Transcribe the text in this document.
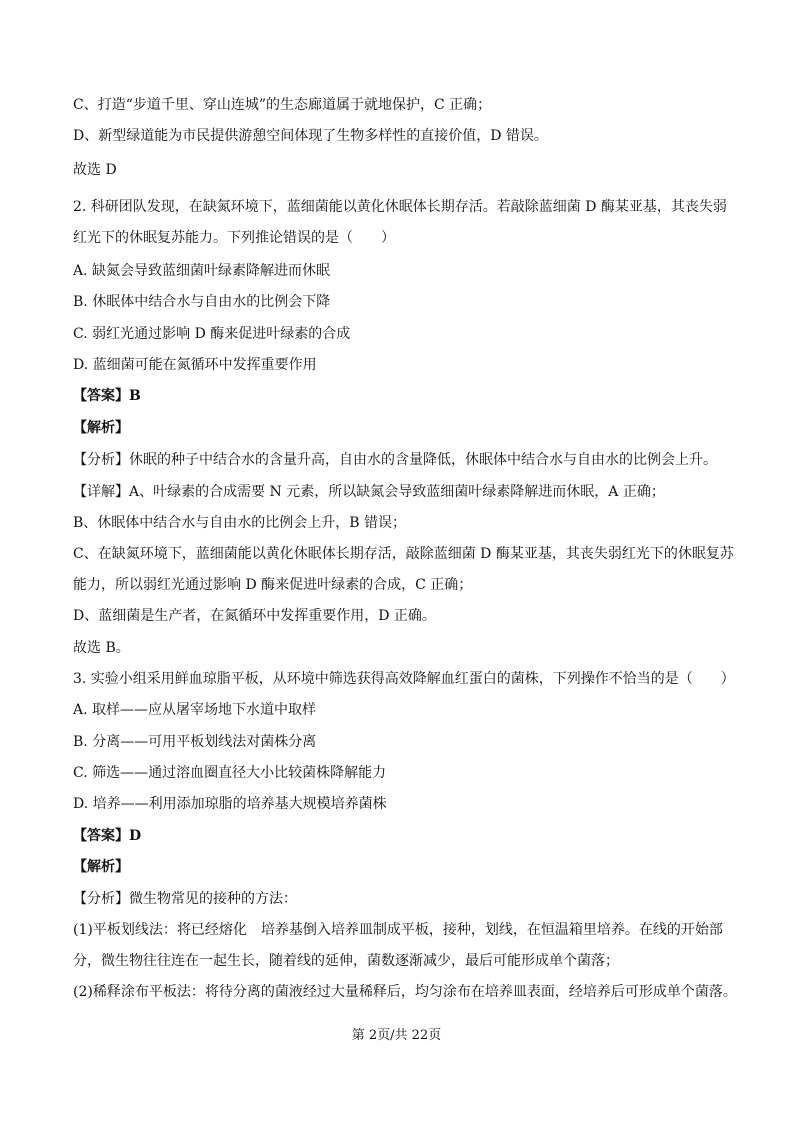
C、打造“步道千里、穿山连城”的生态廊道属于就地保护，C 正确；
D、新型绿道能为市民提供游憩空间体现了生物多样性的直接价值，D 错误。
故选 D
2. 科研团队发现，在缺氮环境下，蓝细菌能以黄化休眠体长期存活。若敲除蓝细菌 D 酶某亚基，其丧失弱
红光下的休眠复苏能力。下列推论错误的是（　　）
A. 缺氮会导致蓝细菌叶绿素降解进而休眠
B. 休眠体中结合水与自由水的比例会下降
C. 弱红光通过影响 D 酶来促进叶绿素的合成
D. 蓝细菌可能在氮循环中发挥重要作用
【答案】B
【解析】
【分析】休眠的种子中结合水的含量升高，自由水的含量降低，休眠体中结合水与自由水的比例会上升。
【详解】A、叶绿素的合成需要 N 元素，所以缺氮会导致蓝细菌叶绿素降解进而休眠，A 正确；
B、休眠体中结合水与自由水的比例会上升，B 错误；
C、在缺氮环境下，蓝细菌能以黄化休眠体长期存活，敲除蓝细菌 D 酶某亚基，其丧失弱红光下的休眠复苏
能力，所以弱红光通过影响 D 酶来促进叶绿素的合成，C 正确；
D、蓝细菌是生产者，在氮循环中发挥重要作用，D 正确。
故选 B。
3. 实验小组采用鲜血琼脂平板，从环境中筛选获得高效降解血红蛋白的菌株，下列操作不恰当的是（　　）
A. 取样——应从屠宰场地下水道中取样
B. 分离——可用平板划线法对菌株分离
C. 筛选——通过溶血圈直径大小比较菌株降解能力
D. 培养——利用添加琼脂的培养基大规模培养菌株
【答案】D
【解析】
【分析】微生物常见的接种的方法：
(1)平板划线法：将已经熔化　培养基倒入培养皿制成平板，接种，划线，在恒温箱里培养。在线的开始部
分，微生物往往连在一起生长，随着线的延伸，菌数逐渐减少，最后可能形成单个菌落；
(2)稀释涂布平板法：将待分离的菌液经过大量稀释后，均匀涂布在培养皿表面，经培养后可形成单个菌落。
第 2页/共 22页
